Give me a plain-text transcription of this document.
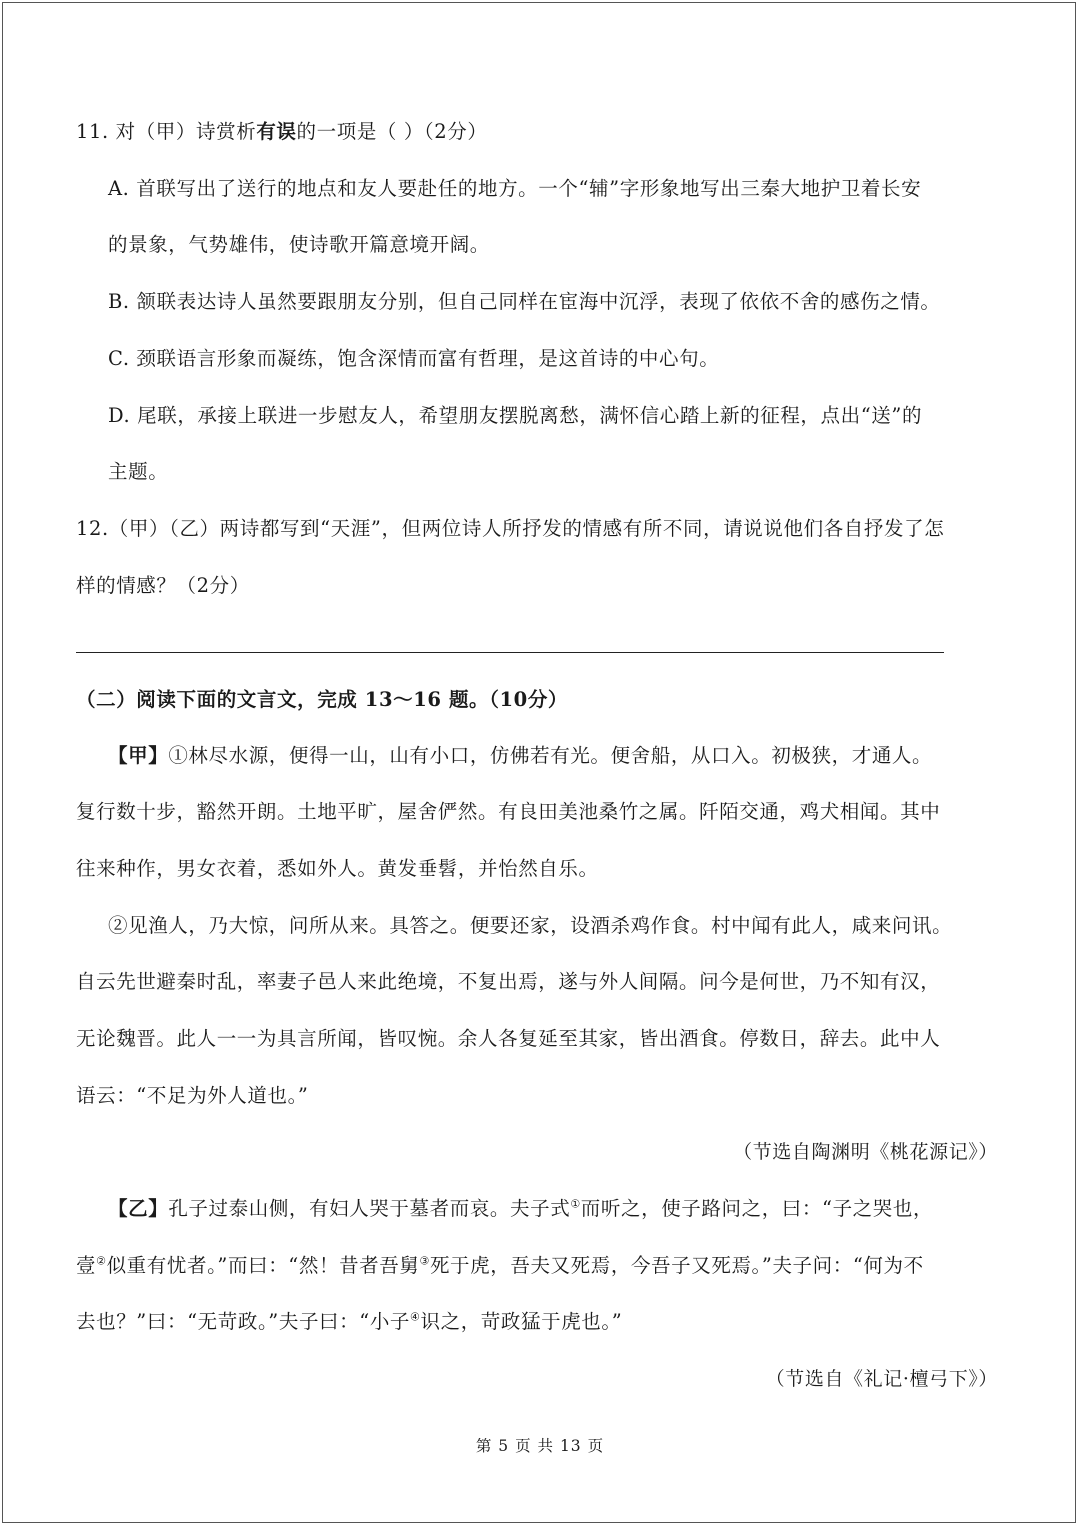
11. 对（甲）诗赏析有误的一项是（ ）（2分）
A. 首联写出了送行的地点和友人要赴任的地方。一个“辅”字形象地写出三秦大地护卫着长安
的景象，气势雄伟，使诗歌开篇意境开阔。
B. 颔联表达诗人虽然要跟朋友分别，但自己同样在宦海中沉浮，表现了依依不舍的感伤之情。
C. 颈联语言形象而凝练，饱含深情而富有哲理，是这首诗的中心句。
D. 尾联，承接上联进一步慰友人，希望朋友摆脱离愁，满怀信心踏上新的征程，点出“送”的
主题。
12.（甲）（乙）两诗都写到“天涯”，但两位诗人所抒发的情感有所不同，请说说他们各自抒发了怎
样的情感？（2分）
（二）阅读下面的文言文，完成 13～16 题。（10分）
【甲】①林尽水源，便得一山，山有小口，仿佛若有光。便舍船，从口入。初极狭，才通人。
复行数十步，豁然开朗。土地平旷，屋舍俨然。有良田美池桑竹之属。阡陌交通，鸡犬相闻。其中
往来种作，男女衣着，悉如外人。黄发垂髫，并怡然自乐。
②见渔人，乃大惊，问所从来。具答之。便要还家，设酒杀鸡作食。村中闻有此人，咸来问讯。
自云先世避秦时乱，率妻子邑人来此绝境，不复出焉，遂与外人间隔。问今是何世，乃不知有汉，
无论魏晋。此人一一为具言所闻，皆叹惋。余人各复延至其家，皆出酒食。停数日，辞去。此中人
语云：“不足为外人道也。”
（节选自陶渊明《桃花源记》）
【乙】孔子过泰山侧，有妇人哭于墓者而哀。夫子式①而听之，使子路问之，曰：“子之哭也，
壹②似重有忧者。”而曰：“然！昔者吾舅③死于虎，吾夫又死焉，今吾子又死焉。”夫子问：“何为不
去也？”曰：“无苛政。”夫子曰：“小子④识之，苛政猛于虎也。”
（节选自《礼记·檀弓下》）
第 5 页 共 13 页
